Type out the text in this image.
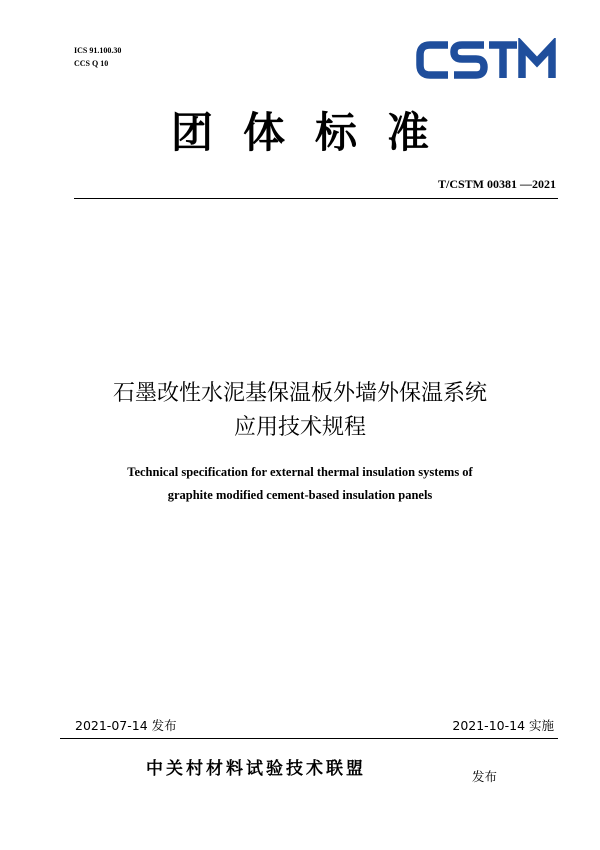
ICS 91.100.30
CCS Q 10
CSTM
团体标准
T/CSTM 00381 —2021
石墨改性水泥基保温板外墙外保温系统
应用技术规程
Technical specification for external thermal insulation systems of
graphite modified cement-based insulation panels
2021-07-14 发布	2021-10-14 实施
中关村材料试验技术联盟	发布
